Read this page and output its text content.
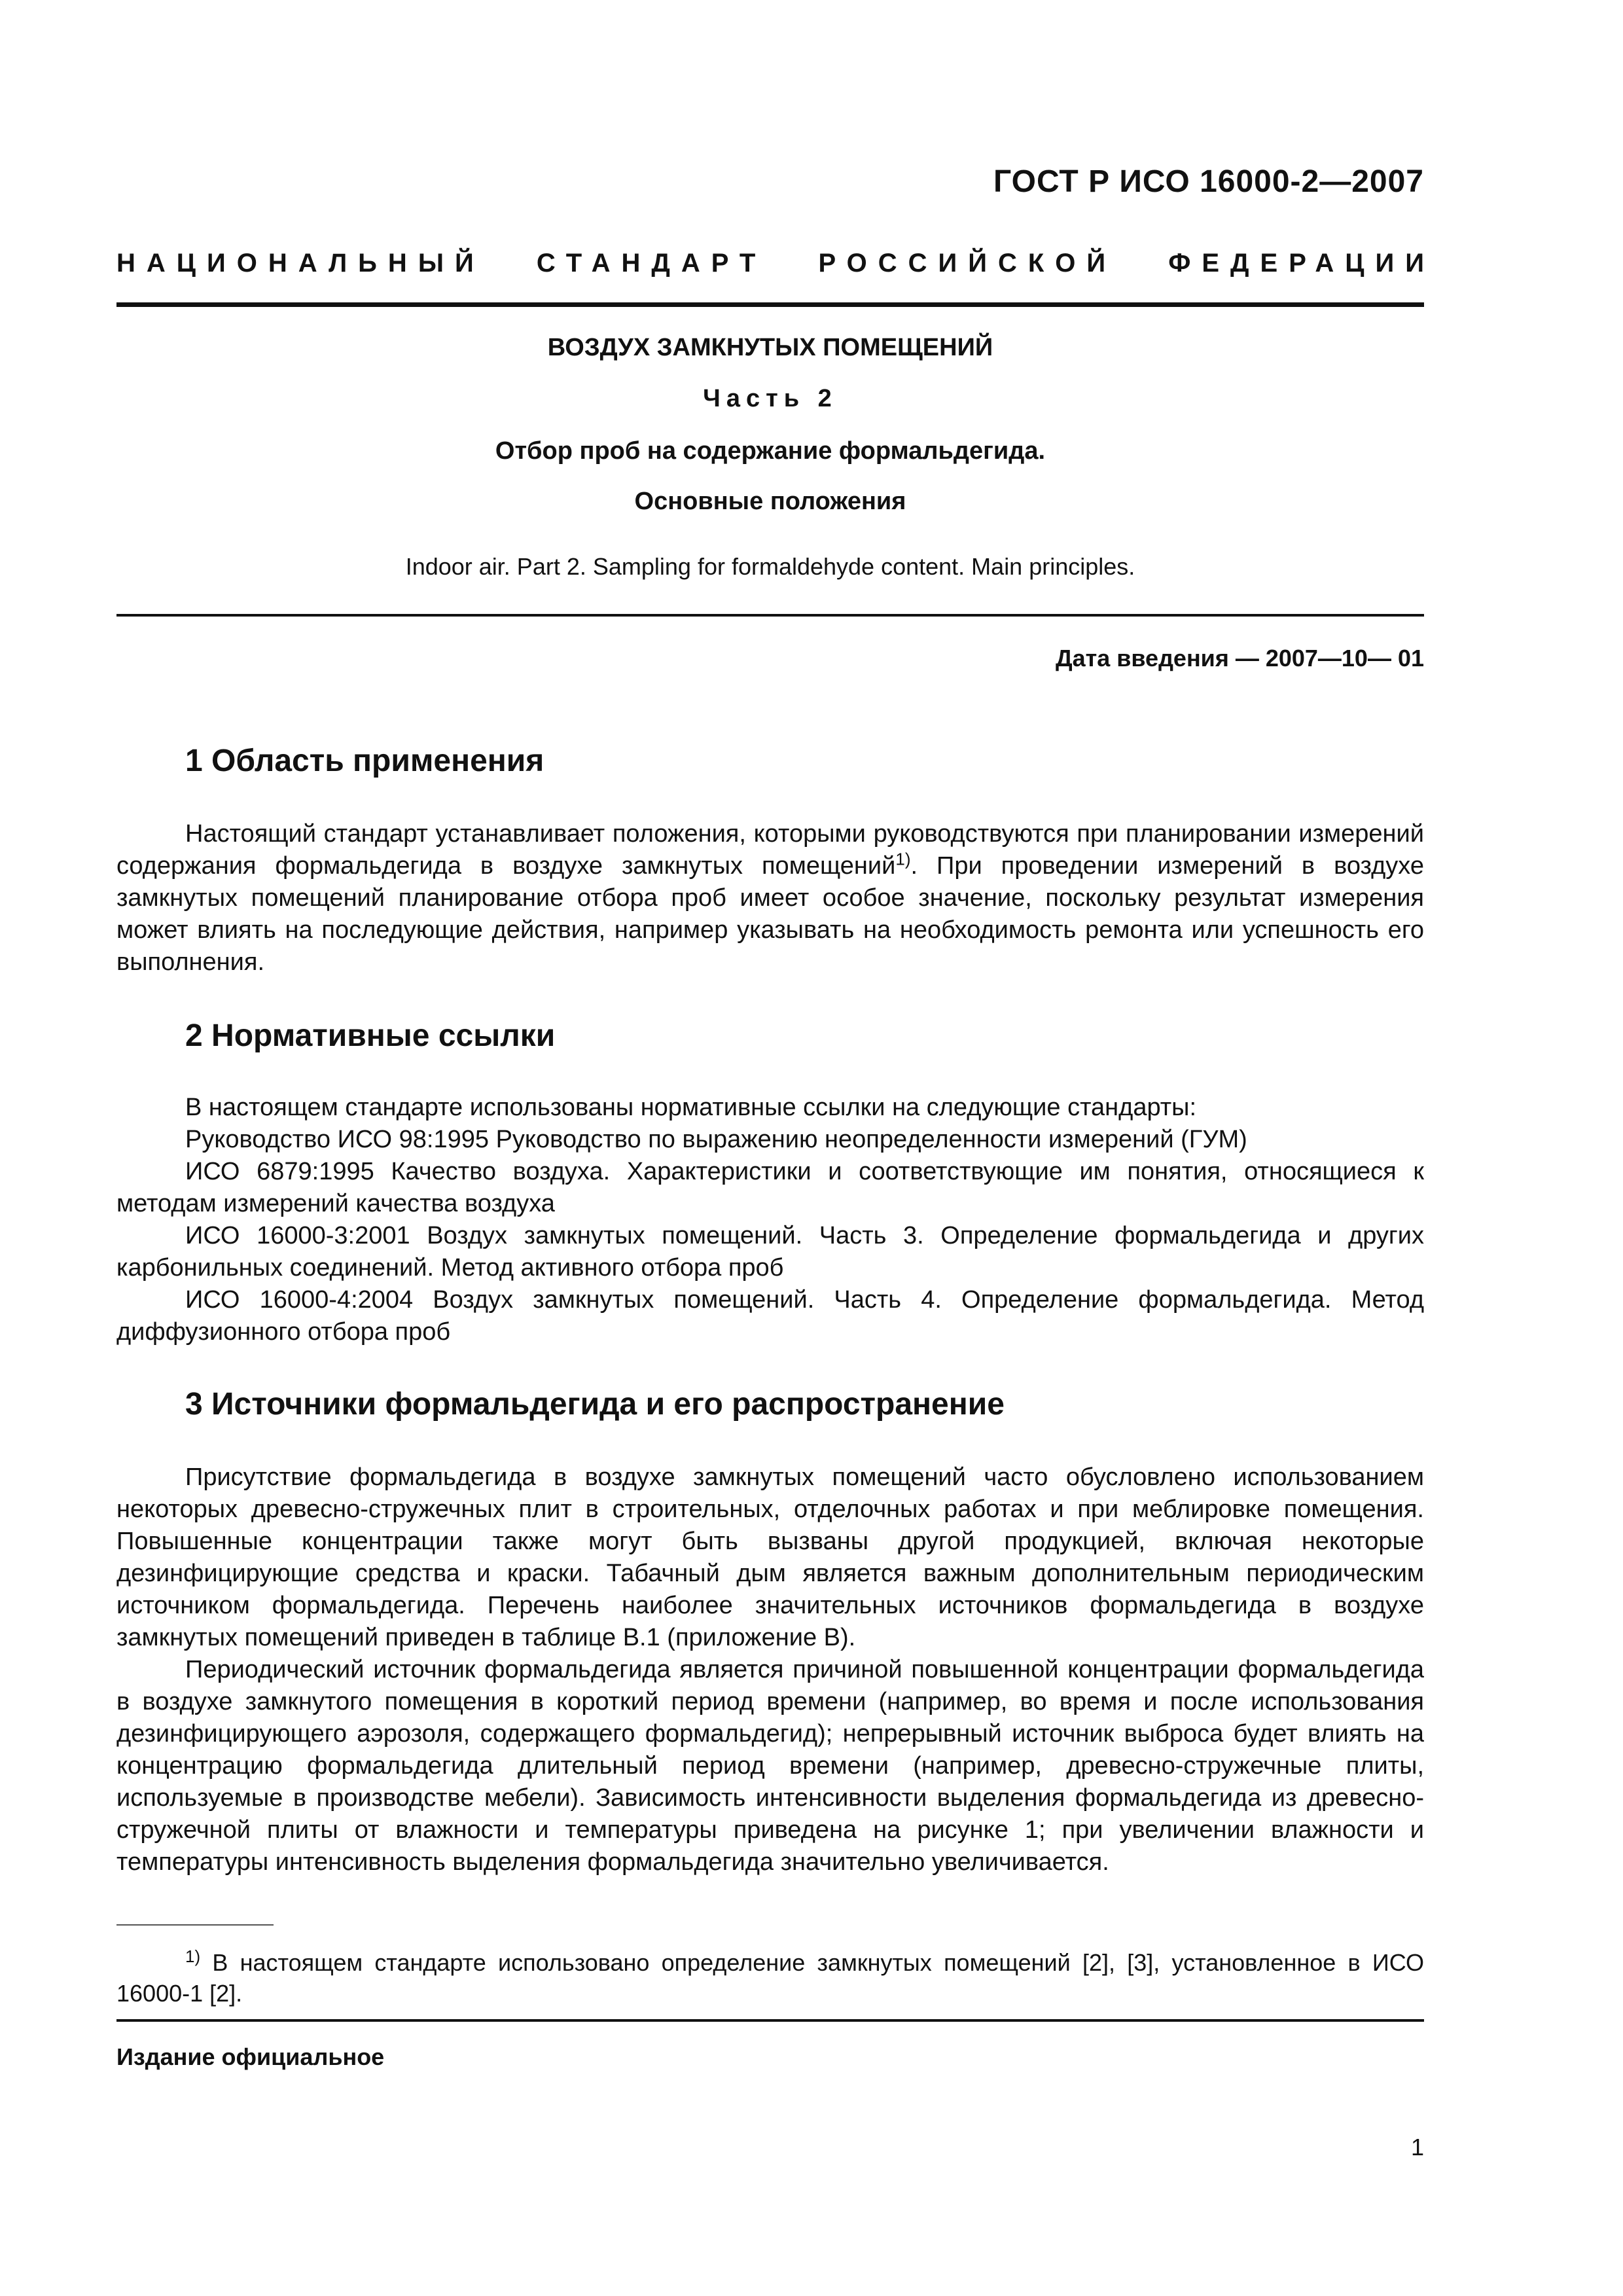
ГОСТ Р ИСО 16000-2—2007
НАЦИОНАЛЬНЫЙ СТАНДАРТ РОССИЙСКОЙ ФЕДЕРАЦИИ
ВОЗДУХ ЗАМКНУТЫХ ПОМЕЩЕНИЙ
Часть 2
Отбор проб на содержание формальдегида.
Основные положения
Indoor air. Part 2. Sampling for formaldehyde content. Main principles.
Дата введения — 2007—10— 01
1 Область применения

Настоящий стандарт устанавливает положения, которыми руководствуются при планировании измерений содержания формальдегида в воздухе замкнутых помещений$^{1)}$. При проведении измерений в воздухе замкнутых помещений планирование отбора проб имеет особое значение, поскольку результат измерения может влиять на последующие действия, например указывать на необходимость ремонта или успешность его выполнения.

2 Нормативные ссылки

В настоящем стандарте использованы нормативные ссылки на следующие стандарты:

Руководство ИСО 98:1995 Руководство по выражению неопределенности измерений (ГУМ)

ИСО 6879:1995 Качество воздуха. Характеристики и соответствующие им понятия, относящиеся к методам измерений качества воздуха

ИСО 16000-3:2001 Воздух замкнутых помещений. Часть 3. Определение формальдегида и других карбонильных соединений. Метод активного отбора проб

ИСО 16000-4:2004 Воздух замкнутых помещений. Часть 4. Определение формальдегида. Метод диффузионного отбора проб

3 Источники формальдегида и его распространение

Присутствие формальдегида в воздухе замкнутых помещений часто обусловлено использованием некоторых древесно-стружечных плит в строительных, отделочных работах и при меблировке помещения. Повышенные концентрации также могут быть вызваны другой продукцией, включая некоторые дезинфицирующие средства и краски. Табачный дым является важным дополнительным периодическим источником формальдегида. Перечень наиболее значительных источников формальдегида в воздухе замкнутых помещений приведен в таблице В.1 (приложение В).

Периодический источник формальдегида является причиной повышенной концентрации формальдегида в воздухе замкнутого помещения в короткий период времени (например, во время и после использования дезинфицирующего аэрозоля, содержащего формальдегид); непрерывный источник выброса будет влиять на концентрацию формальдегида длительный период времени (например, древесно-стружечные плиты, используемые в производстве мебели). Зависимость интенсивности выделения формальдегида из древесно-стружечной плиты от влажности и температуры приведена на рисунке 1; при увеличении влажности и температуры интенсивность выделения формальдегида значительно увеличивается.

$^{1)}$ В настоящем стандарте использовано определение замкнутых помещений [2], [3], установленное в ИСО 16000-1 [2].

Издание официальное
1
